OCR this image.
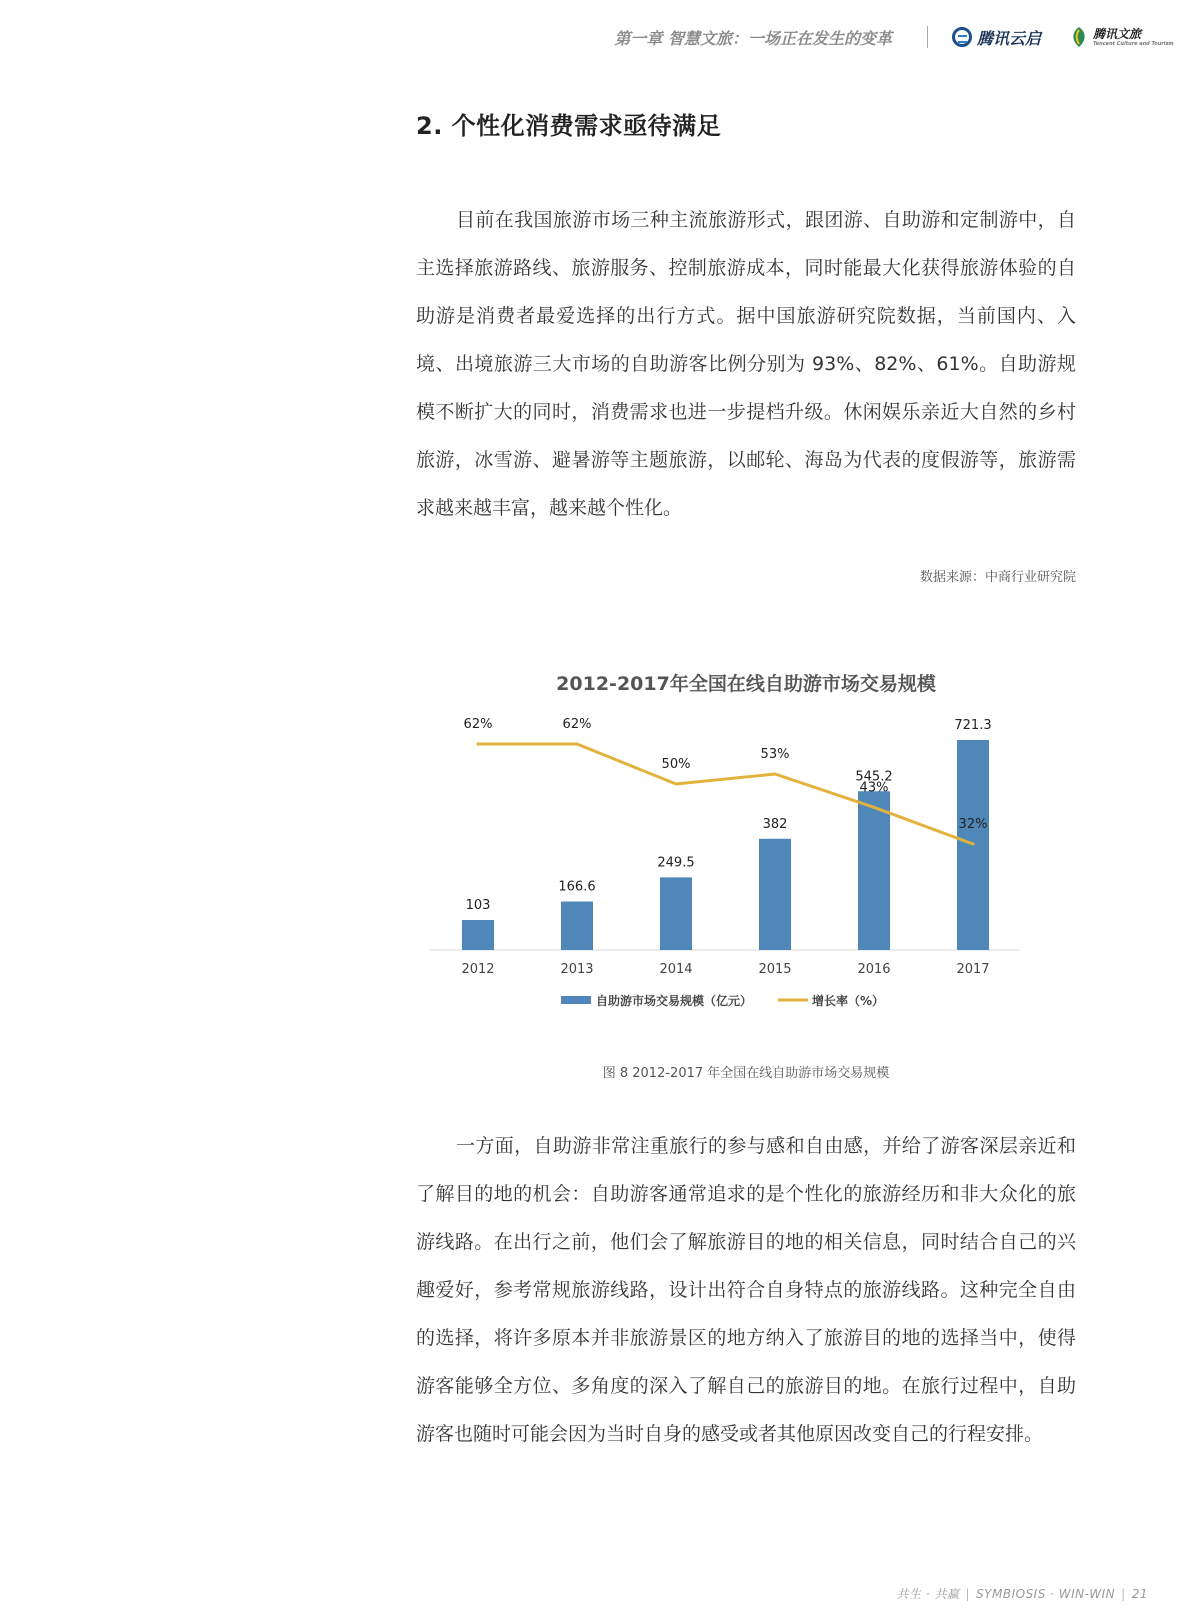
第一章 智慧文旅：一场正在发生的变革	腾讯云启	腾讯文旅
Tencent Culture and Tourism
2. 个性化消费需求亟待满足

目前在我国旅游市场三种主流旅游形式，跟团游、自助游和定制游中，自主选择旅游路线、旅游服务、控制旅游成本，同时能最大化获得旅游体验的自助游是消费者最爱选择的出行方式。据中国旅游研究院数据，当前国内、入境、出境旅游三大市场的自助游客比例分别为 93%、82%、61%。自助游规模不断扩大的同时，消费需求也进一步提档升级。休闲娱乐亲近大自然的乡村旅游，冰雪游、避暑游等主题旅游，以邮轮、海岛为代表的度假游等，旅游需求越来越丰富，越来越个性化。

数据来源：中商行业研究院
2012-2017年全国在线自助游市场交易规模
103
2012
166.6
2013
249.5
2014
382
2015
545.2
2016
721.3
2017
62%	62%
50%
53%
43%
32%
自助游市场交易规模（亿元）	增长率（%）
图 8 2012-2017 年全国在线自助游市场交易规模

一方面，自助游非常注重旅行的参与感和自由感，并给了游客深层亲近和了解目的地的机会：自助游客通常追求的是个性化的旅游经历和非大众化的旅游线路。在出行之前，他们会了解旅游目的地的相关信息，同时结合自己的兴趣爱好，参考常规旅游线路，设计出符合自身特点的旅游线路。这种完全自由的选择，将许多原本并非旅游景区的地方纳入了旅游目的地的选择当中，使得游客能够全方位、多角度的深入了解自己的旅游目的地。在旅行过程中，自助游客也随时可能会因为当时自身的感受或者其他原因改变自己的行程安排。

共生 · 共赢 | SYMBIOSIS · WIN-WIN | 21
